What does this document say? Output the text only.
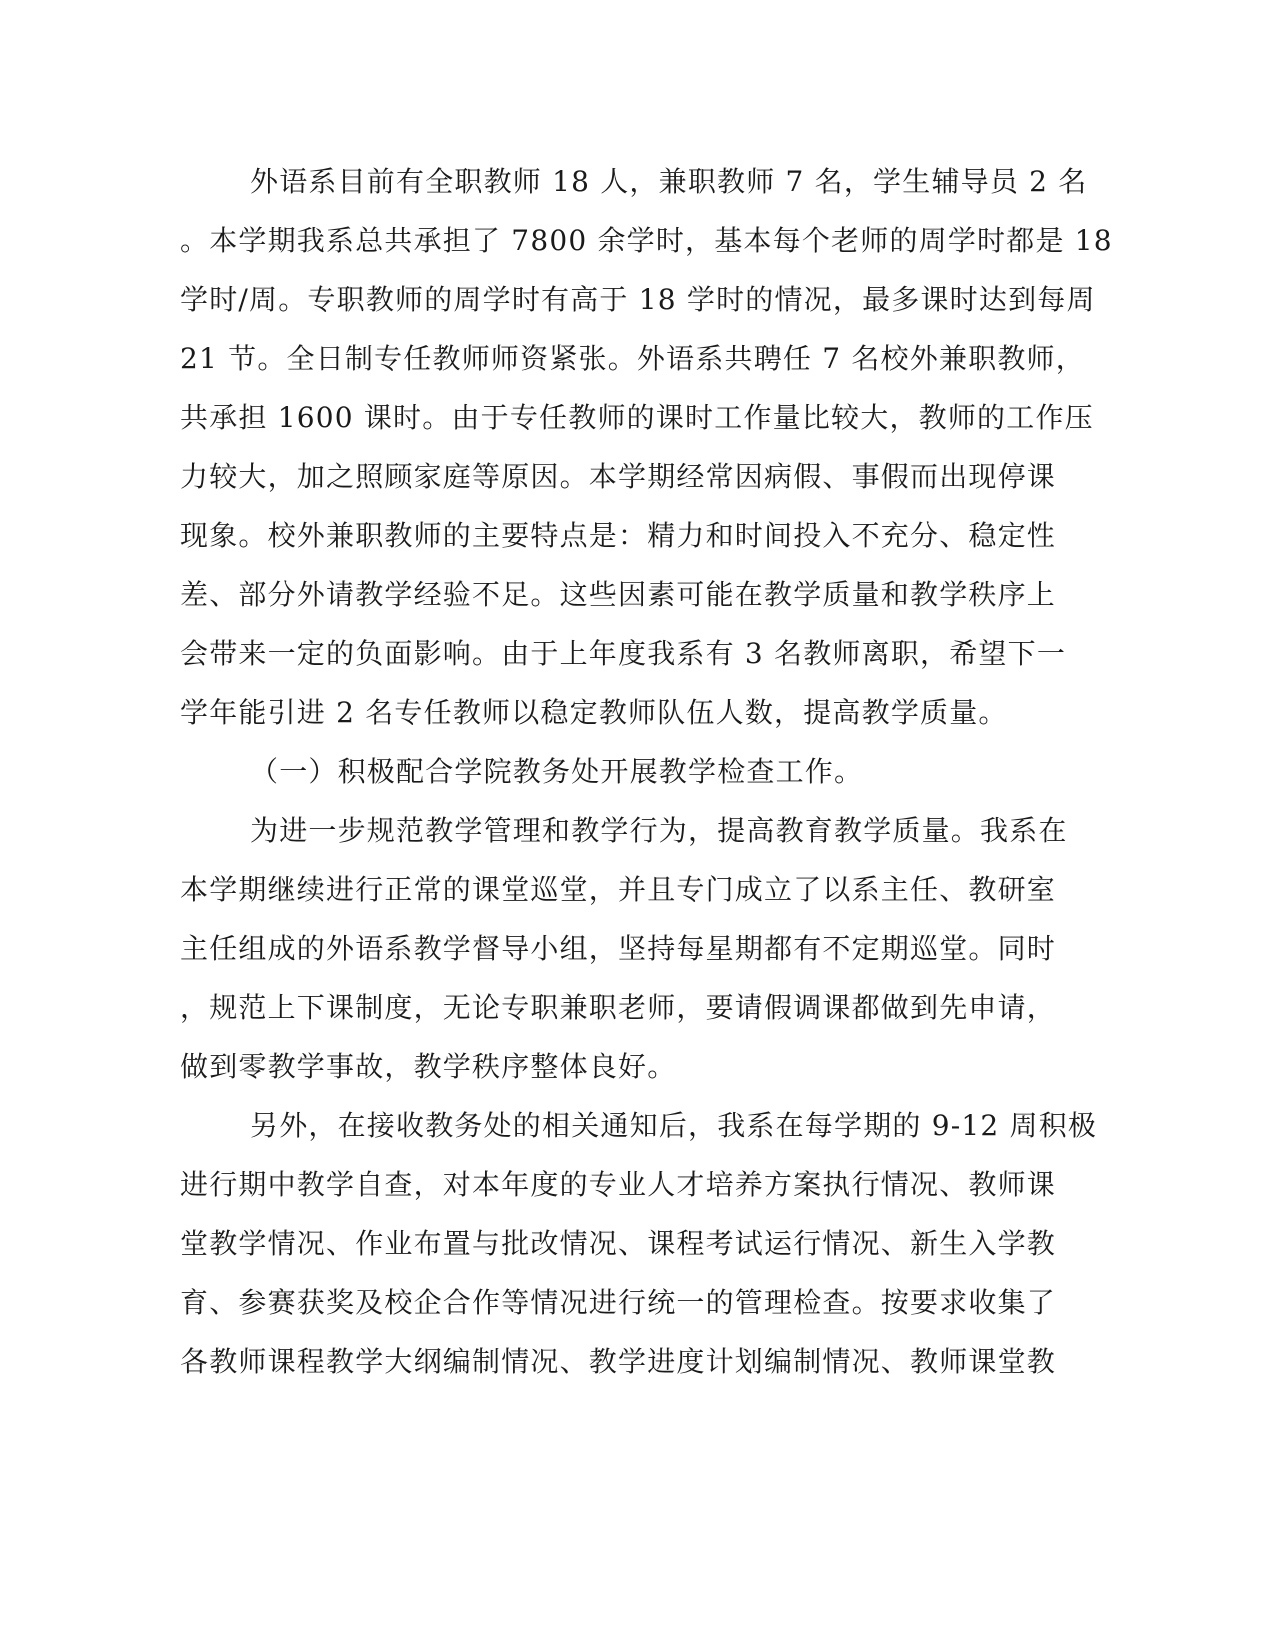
外语系目前有全职教师 18 人，兼职教师 7 名，学生辅导员 2 名
。本学期我系总共承担了 7800 余学时，基本每个老师的周学时都是 18
学时/周。专职教师的周学时有高于 18 学时的情况，最多课时达到每周
21 节。全日制专任教师师资紧张。外语系共聘任 7 名校外兼职教师，
共承担 1600 课时。由于专任教师的课时工作量比较大，教师的工作压
力较大，加之照顾家庭等原因。本学期经常因病假、事假而出现停课
现象。校外兼职教师的主要特点是：精力和时间投入不充分、稳定性
差、部分外请教学经验不足。这些因素可能在教学质量和教学秩序上
会带来一定的负面影响。由于上年度我系有 3 名教师离职，希望下一
学年能引进 2 名专任教师以稳定教师队伍人数，提高教学质量。
（一）积极配合学院教务处开展教学检查工作。
为进一步规范教学管理和教学行为，提高教育教学质量。我系在
本学期继续进行正常的课堂巡堂，并且专门成立了以系主任、教研室
主任组成的外语系教学督导小组，坚持每星期都有不定期巡堂。同时
，规范上下课制度，无论专职兼职老师，要请假调课都做到先申请，
做到零教学事故，教学秩序整体良好。
另外，在接收教务处的相关通知后，我系在每学期的 9-12 周积极
进行期中教学自查，对本年度的专业人才培养方案执行情况、教师课
堂教学情况、作业布置与批改情况、课程考试运行情况、新生入学教
育、参赛获奖及校企合作等情况进行统一的管理检查。按要求收集了
各教师课程教学大纲编制情况、教学进度计划编制情况、教师课堂教
